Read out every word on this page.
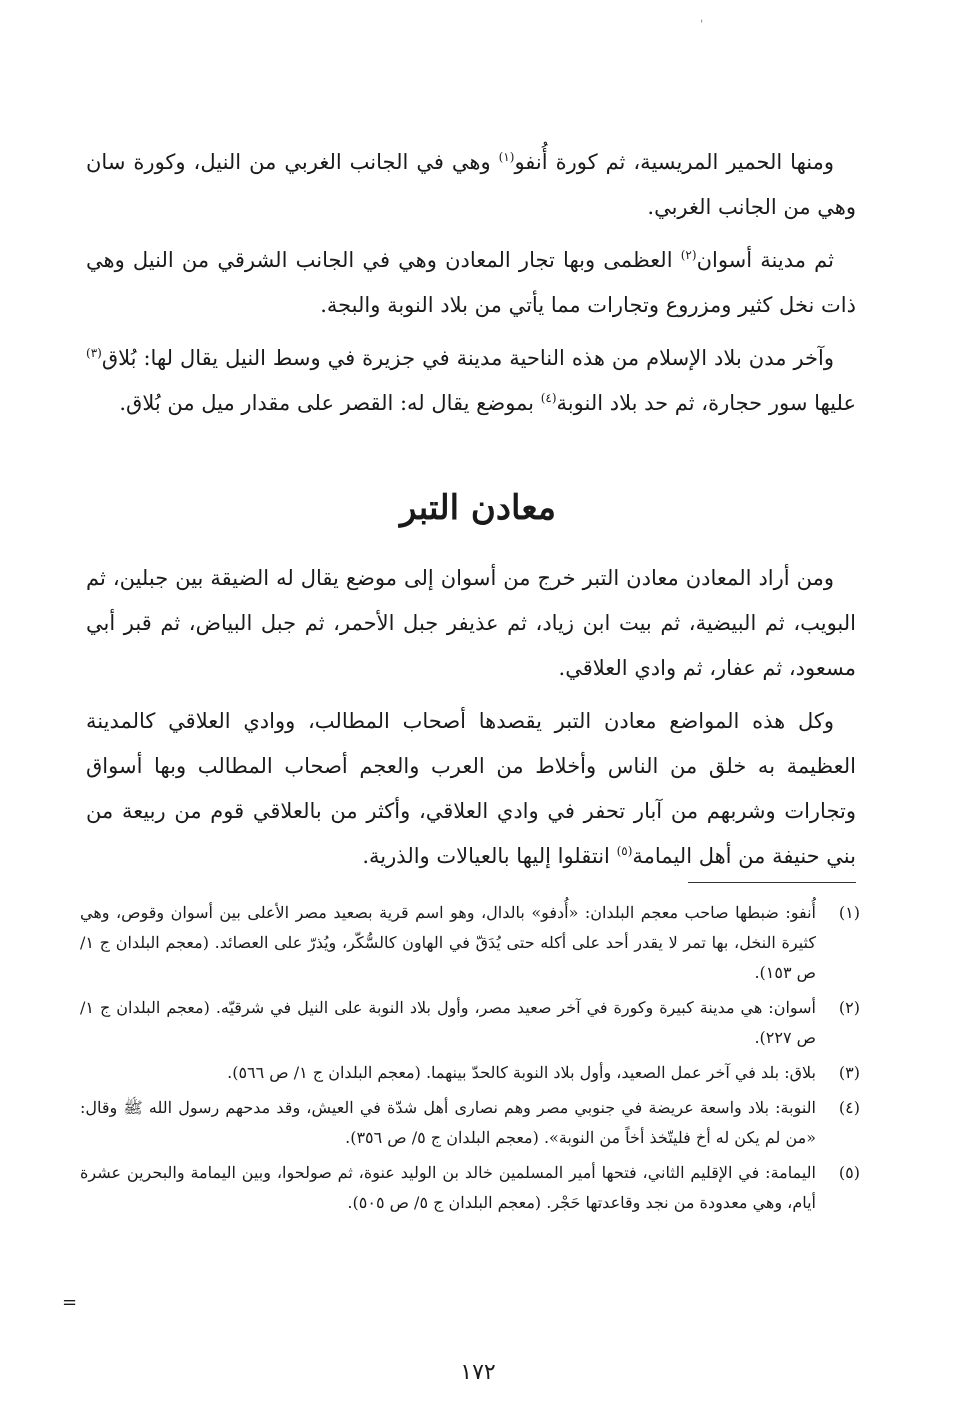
ˈ

ومنها الحمير المريسية، ثم كورة أُنفو$^{(١)}$ وهي في الجانب الغربي من النيل، وكورة سان وهي من الجانب الغربي.

ثم مدينة أسوان$^{(٢)}$ العظمى وبها تجار المعادن وهي في الجانب الشرقي من النيل وهي ذات نخل كثير ومزروع وتجارات مما يأتي من بلاد النوبة والبجة.

وآخر مدن بلاد الإسلام من هذه الناحية مدينة في جزيرة في وسط النيل يقال لها: بُلاق$^{(٣)}$ عليها سور حجارة، ثم حد بلاد النوبة$^{(٤)}$ بموضع يقال له: القصر على مقدار ميل من بُلاق.

معادن التبر

ومن أراد المعادن معادن التبر خرج من أسوان إلى موضع يقال له الضيقة بين جبلين، ثم البويب، ثم البيضية، ثم بيت ابن زياد، ثم عذيفر جبل الأحمر، ثم جبل البياض، ثم قبر أبي مسعود، ثم عفار، ثم وادي العلاقي.

وكل هذه المواضع معادن التبر يقصدها أصحاب المطالب، ووادي العلاقي كالمدينة العظيمة به خلق من الناس وأخلاط من العرب والعجم أصحاب المطالب وبها أسواق وتجارات وشربهم من آبار تحفر في وادي العلاقي، وأكثر من بالعلاقي قوم من ربيعة من بني حنيفة من أهل اليمامة$^{(٥)}$ انتقلوا إليها بالعيالات والذرية.

(١)
أُنفو: ضبطها صاحب معجم البلدان: «أُدفو» بالدال، وهو اسم قرية بصعيد مصر الأعلى بين أسوان وقوص، وهي كثيرة النخل، بها تمر لا يقدر أحد على أكله حتى يُدَقّ في الهاون كالسُّكّر، ويُذرّ على العصائد. (معجم البلدان ج ١/ ص ١٥٣).
(٢)
أسوان: هي مدينة كبيرة وكورة في آخر صعيد مصر، وأول بلاد النوبة على النيل في شرقيّه. (معجم البلدان ج ١/ ص ٢٢٧).
(٣)
بلاق: بلد في آخر عمل الصعيد، وأول بلاد النوبة كالحدّ بينهما. (معجم البلدان ج ١/ ص ٥٦٦).
(٤)
النوبة: بلاد واسعة عريضة في جنوبي مصر وهم نصارى أهل شدّة في العيش، وقد مدحهم رسول الله ﷺ وقال: «من لم يكن له أخ فليتّخذ أخاً من النوبة». (معجم البلدان ج ٥/ ص ٣٥٦).
(٥)
اليمامة: في الإقليم الثاني، فتحها أمير المسلمين خالد بن الوليد عنوة، ثم صولحوا، وبين اليمامة والبحرين عشرة أيام، وهي معدودة من نجد وقاعدتها حَجْر. (معجم البلدان ج ٥/ ص ٥٠٥).
=
١٧٢
